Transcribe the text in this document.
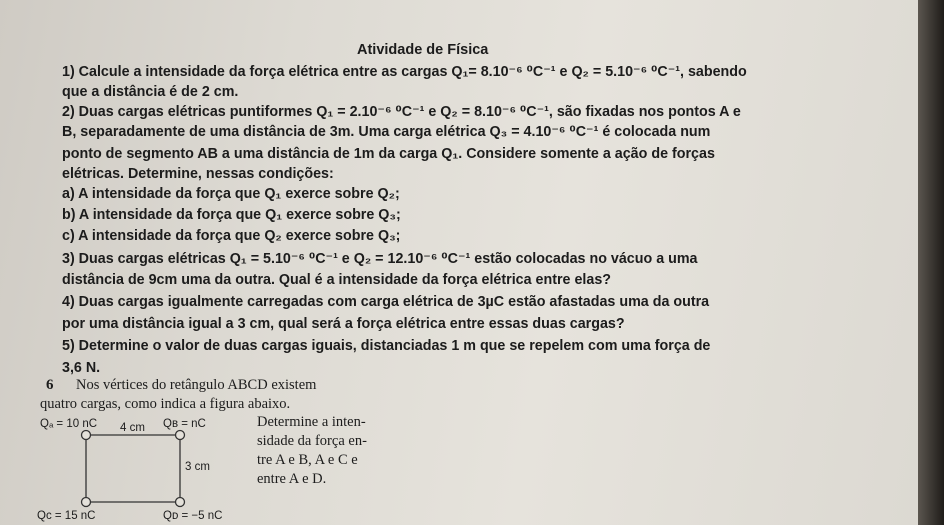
Atividade de Física
1) Calcule a intensidade da força elétrica entre as cargas Q₁= 8.10⁻⁶ ⁰C⁻¹ e Q₂ = 5.10⁻⁶ ⁰C⁻¹, sabendo
que a distância é de 2 cm.
2) Duas cargas elétricas puntiformes Q₁ = 2.10⁻⁶ ⁰C⁻¹ e Q₂ = 8.10⁻⁶ ⁰C⁻¹, são fixadas nos pontos A e
B, separadamente de uma distância de 3m. Uma carga elétrica Q₃ = 4.10⁻⁶ ⁰C⁻¹ é colocada num
ponto de segmento AB a uma distância de 1m da carga Q₁. Considere somente a ação de forças
elétricas. Determine, nessas condições:
a) A intensidade da força que Q₁ exerce sobre Q₂;
b) A intensidade da força que Q₁ exerce sobre Q₃;
c) A intensidade da força que Q₂ exerce sobre Q₃;
3) Duas cargas elétricas Q₁ = 5.10⁻⁶ ⁰C⁻¹ e Q₂ = 12.10⁻⁶ ⁰C⁻¹ estão colocadas no vácuo a uma
distância de 9cm uma da outra. Qual é a intensidade da força elétrica entre elas?
4) Duas cargas igualmente carregadas com carga elétrica de 3µC estão afastadas uma da outra
por uma distância igual a 3 cm, qual será a força elétrica entre essas duas cargas?
5) Determine o valor de duas cargas iguais, distanciadas 1 m que se repelem com uma força de
3,6 N.
6 Nos vértices do retângulo ABCD existem
quatro cargas, como indica a figura abaixo.
Determine a inten-
sidade da força en-
tre A e B, A e C e
entre A e D.
Qₐ = 10 nC 4 cm Qʙ = nC
3 cm
Qᴄ = 15 nC	Qᴅ = −5 nC
